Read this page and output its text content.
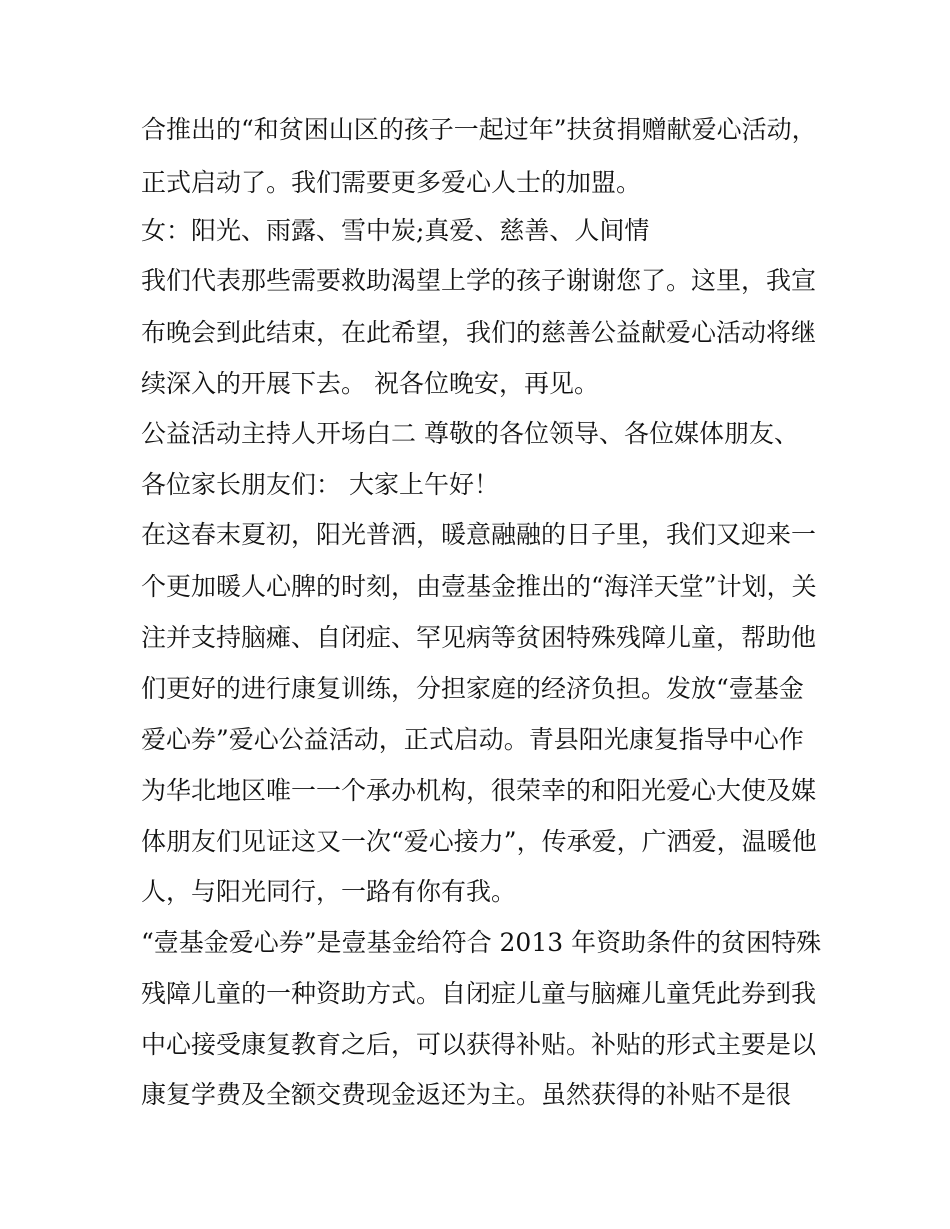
合推出的“和贫困山区的孩子一起过年”扶贫捐赠献爱心活动，
正式启动了。我们需要更多爱心人士的加盟。
女：阳光、雨露、雪中炭;真爱、慈善、人间情
我们代表那些需要救助渴望上学的孩子谢谢您了。这里，我宣
布晚会到此结束，在此希望，我们的慈善公益献爱心活动将继
续深入的开展下去。 祝各位晚安，再见。
公益活动主持人开场白二 尊敬的各位领导、各位媒体朋友、
各位家长朋友们： 大家上午好！
在这春末夏初，阳光普洒，暖意融融的日子里，我们又迎来一
个更加暖人心脾的时刻，由壹基金推出的“海洋天堂”计划，关
注并支持脑瘫、自闭症、罕见病等贫困特殊残障儿童，帮助他
们更好的进行康复训练，分担家庭的经济负担。发放“壹基金
爱心券”爱心公益活动，正式启动。青县阳光康复指导中心作
为华北地区唯一一个承办机构，很荣幸的和阳光爱心大使及媒
体朋友们见证这又一次“爱心接力”，传承爱，广洒爱，温暖他
人，与阳光同行，一路有你有我。
“壹基金爱心券”是壹基金给符合 2013 年资助条件的贫困特殊
残障儿童的一种资助方式。自闭症儿童与脑瘫儿童凭此券到我
中心接受康复教育之后，可以获得补贴。补贴的形式主要是以
康复学费及全额交费现金返还为主。虽然获得的补贴不是很
